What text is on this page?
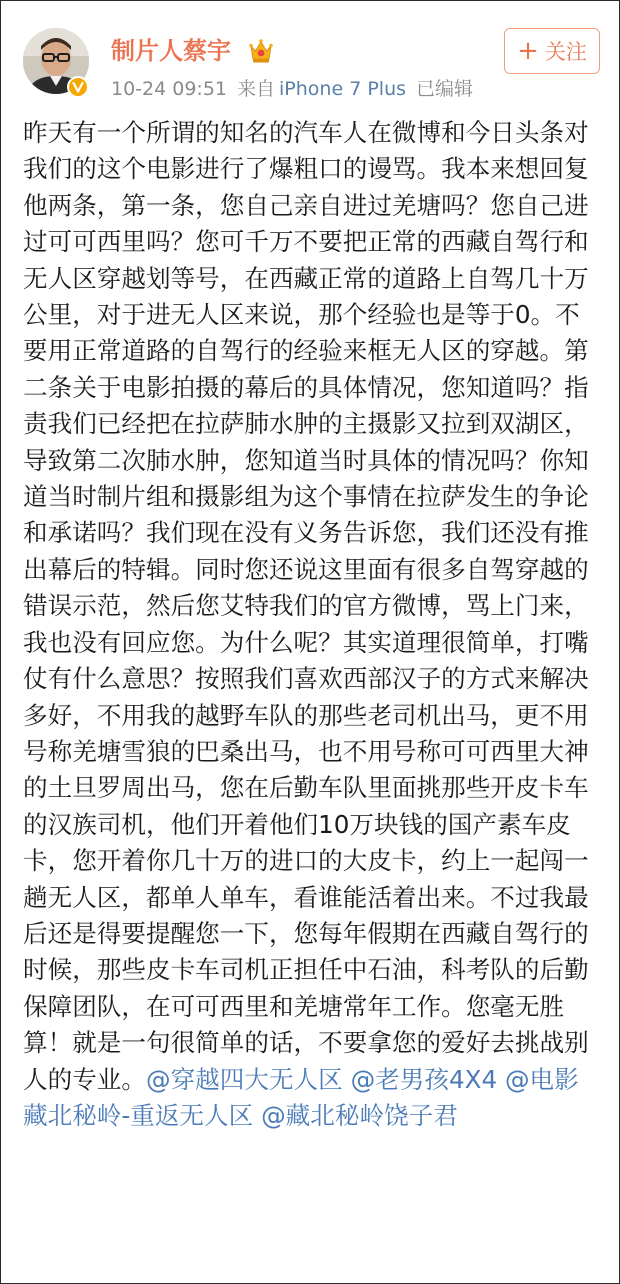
制片人蔡宇
10-24 09:51 来自 iPhone 7 Plus 已编辑
+ 关注
昨天有一个所谓的知名的汽车人在微博和今日头条对我们的这个电影进行了爆粗口的谩骂。我本来想回复他两条，第一条，您自己亲自进过羌塘吗？您自己进过可可西里吗？您可千万不要把正常的西藏自驾行和无人区穿越划等号，在西藏正常的道路上自驾几十万公里，对于进无人区来说，那个经验也是等于0。不要用正常道路的自驾行的经验来框无人区的穿越。第二条关于电影拍摄的幕后的具体情况，您知道吗？指责我们已经把在拉萨肺水肿的主摄影又拉到双湖区，导致第二次肺水肿，您知道当时具体的情况吗？你知道当时制片组和摄影组为这个事情在拉萨发生的争论和承诺吗？我们现在没有义务告诉您，我们还没有推出幕后的特辑。同时您还说这里面有很多自驾穿越的错误示范，然后您艾特我们的官方微博，骂上门来，我也没有回应您。为什么呢？其实道理很简单，打嘴仗有什么意思？按照我们喜欢西部汉子的方式来解决多好，不用我的越野车队的那些老司机出马，更不用号称羌塘雪狼的巴桑出马，也不用号称可可西里大神的土旦罗周出马，您在后勤车队里面挑那些开皮卡车的汉族司机，他们开着他们10万块钱的国产素车皮卡，您开着你几十万的进口的大皮卡，约上一起闯一趟无人区，都单人单车，看谁能活着出来。不过我最后还是得要提醒您一下，您每年假期在西藏自驾行的时候，那些皮卡车司机正担任中石油，科考队的后勤保障团队，在可可西里和羌塘常年工作。您毫无胜算！就是一句很简单的话，不要拿您的爱好去挑战别人的专业。@穿越四大无人区 @老男孩4X4 @电影藏北秘岭-重返无人区 @藏北秘岭饶子君
